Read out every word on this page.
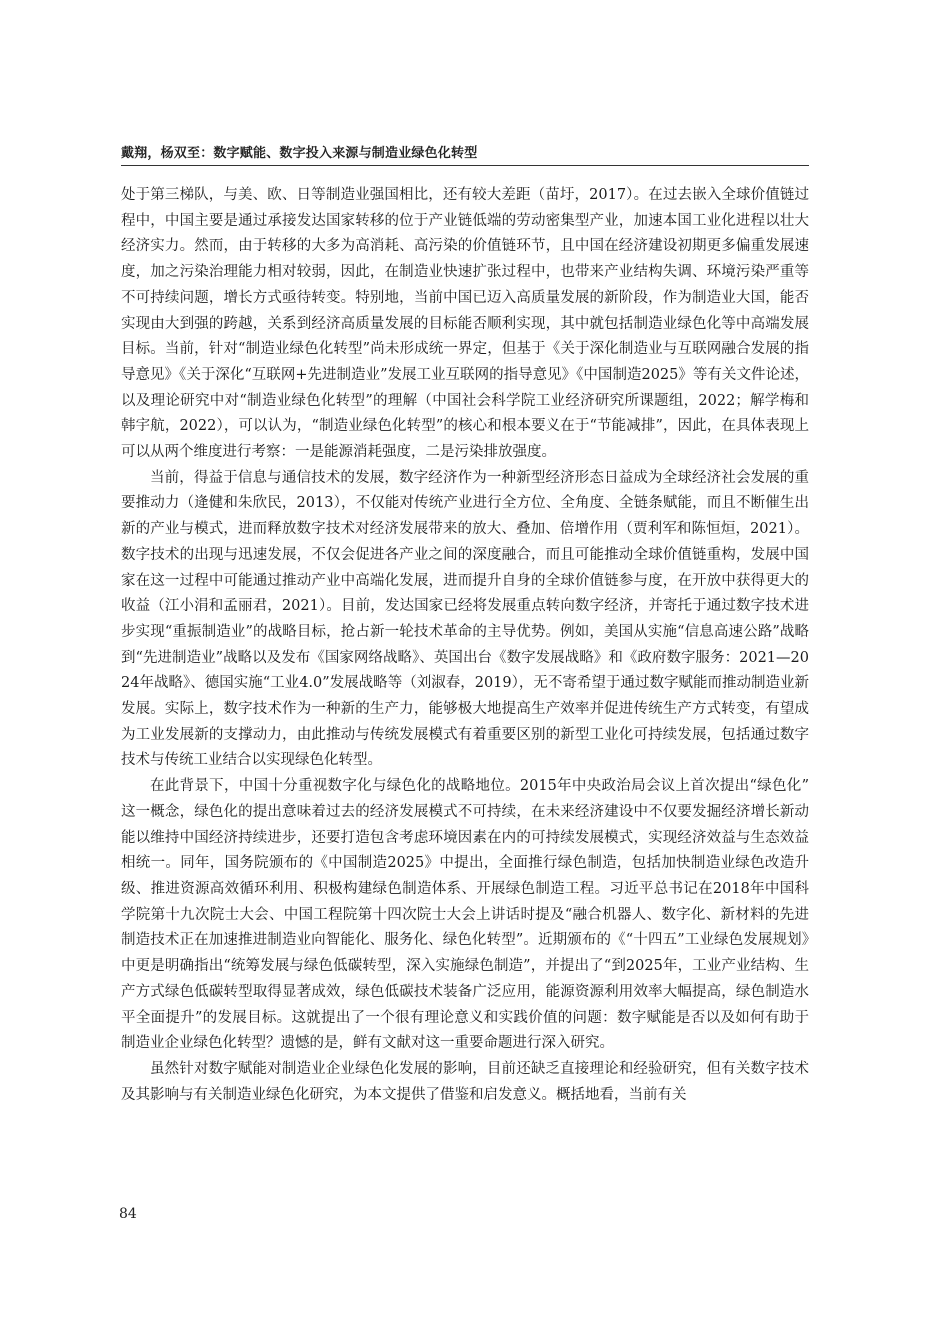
戴翔，杨双至：数字赋能、数字投入来源与制造业绿色化转型

处于第三梯队，与美、欧、日等制造业强国相比，还有较大差距（苗圩，2017）。在过去嵌入全球价值链过程中，中国主要是通过承接发达国家转移的位于产业链低端的劳动密集型产业，加速本国工业化进程以壮大经济实力。然而，由于转移的大多为高消耗、高污染的价值链环节，且中国在经济建设初期更多偏重发展速度，加之污染治理能力相对较弱，因此，在制造业快速扩张过程中，也带来产业结构失调、环境污染严重等不可持续问题，增长方式亟待转变。特别地，当前中国已迈入高质量发展的新阶段，作为制造业大国，能否实现由大到强的跨越，关系到经济高质量发展的目标能否顺利实现，其中就包括制造业绿色化等中高端发展目标。当前，针对“制造业绿色化转型”尚未形成统一界定，但基于《关于深化制造业与互联网融合发展的指导意见》《关于深化“互联网+先进制造业”发展工业互联网的指导意见》《中国制造2025》等有关文件论述，以及理论研究中对“制造业绿色化转型”的理解（中国社会科学院工业经济研究所课题组，2022；解学梅和韩宇航，2022），可以认为，“制造业绿色化转型”的核心和根本要义在于“节能减排”，因此，在具体表现上可以从两个维度进行考察：一是能源消耗强度，二是污染排放强度。

当前，得益于信息与通信技术的发展，数字经济作为一种新型经济形态日益成为全球经济社会发展的重要推动力（逄健和朱欣民，2013），不仅能对传统产业进行全方位、全角度、全链条赋能，而且不断催生出新的产业与模式，进而释放数字技术对经济发展带来的放大、叠加、倍增作用（贾利军和陈恒烜，2021）。数字技术的出现与迅速发展，不仅会促进各产业之间的深度融合，而且可能推动全球价值链重构，发展中国家在这一过程中可能通过推动产业中高端化发展，进而提升自身的全球价值链参与度，在开放中获得更大的收益（江小涓和孟丽君，2021）。目前，发达国家已经将发展重点转向数字经济，并寄托于通过数字技术进步实现“重振制造业”的战略目标，抢占新一轮技术革命的主导优势。例如，美国从实施“信息高速公路”战略到“先进制造业”战略以及发布《国家网络战略》、英国出台《数字发展战略》和《政府数字服务：2021—2024年战略》、德国实施“工业4.0”发展战略等（刘淑春，2019），无不寄希望于通过数字赋能而推动制造业新发展。实际上，数字技术作为一种新的生产力，能够极大地提高生产效率并促进传统生产方式转变，有望成为工业发展新的支撑动力，由此推动与传统发展模式有着重要区别的新型工业化可持续发展，包括通过数字技术与传统工业结合以实现绿色化转型。

在此背景下，中国十分重视数字化与绿色化的战略地位。2015年中央政治局会议上首次提出“绿色化”这一概念，绿色化的提出意味着过去的经济发展模式不可持续，在未来经济建设中不仅要发掘经济增长新动能以维持中国经济持续进步，还要打造包含考虑环境因素在内的可持续发展模式，实现经济效益与生态效益相统一。同年，国务院颁布的《中国制造2025》中提出，全面推行绿色制造，包括加快制造业绿色改造升级、推进资源高效循环利用、积极构建绿色制造体系、开展绿色制造工程。习近平总书记在2018年中国科学院第十九次院士大会、中国工程院第十四次院士大会上讲话时提及“融合机器人、数字化、新材料的先进制造技术正在加速推进制造业向智能化、服务化、绿色化转型”。近期颁布的《“十四五”工业绿色发展规划》中更是明确指出“统筹发展与绿色低碳转型，深入实施绿色制造”，并提出了“到2025年，工业产业结构、生产方式绿色低碳转型取得显著成效，绿色低碳技术装备广泛应用，能源资源利用效率大幅提高，绿色制造水平全面提升”的发展目标。这就提出了一个很有理论意义和实践价值的问题：数字赋能是否以及如何有助于制造业企业绿色化转型？遗憾的是，鲜有文献对这一重要命题进行深入研究。

虽然针对数字赋能对制造业企业绿色化发展的影响，目前还缺乏直接理论和经验研究，但有关数字技术及其影响与有关制造业绿色化研究，为本文提供了借鉴和启发意义。概括地看，当前有关

84
